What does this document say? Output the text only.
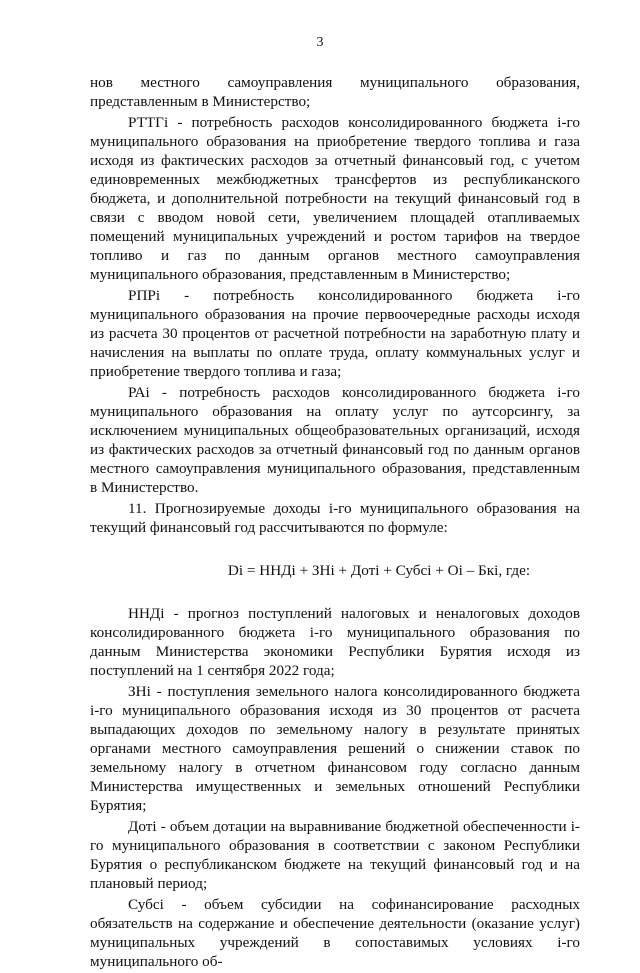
3

нов местного самоуправления муниципального образования, представленным в Министерство;

РТТГi - потребность расходов консолидированного бюджета i-го муниципального образования на приобретение твердого топлива и газа исходя из фактических расходов за отчетный финансовый год, с учетом единовременных межбюджетных трансфертов из республиканского бюджета, и дополнительной потребности на текущий финансовый год в связи с вводом новой сети, увеличением площадей отапливаемых помещений муниципальных учреждений и ростом тарифов на твердое топливо и газ по данным органов местного самоуправления муниципального образования, представленным в Министерство;

РПРi - потребность консолидированного бюджета i-го муниципального образования на прочие первоочередные расходы исходя из расчета 30 процентов от расчетной потребности на заработную плату и начисления на выплаты по оплате труда, оплату коммунальных услуг и приобретение твердого топлива и газа;

РАi - потребность расходов консолидированного бюджета i-го муниципального образования на оплату услуг по аутсорсингу, за исключением муниципальных общеобразовательных организаций, исходя из фактических расходов за отчетный финансовый год по данным органов местного самоуправления муниципального образования, представленным в Министерство.

11. Прогнозируемые доходы i-го муниципального образования на текущий финансовый год рассчитываются по формуле:

Di = ННДi + ЗНi + Дотi + Субсi + Оi – Бкi, где:

ННДi - прогноз поступлений налоговых и неналоговых доходов консолидированного бюджета i-го муниципального образования по данным Министерства экономики Республики Бурятия исходя из поступлений на 1 сентября 2022 года;

ЗНi - поступления земельного налога консолидированного бюджета i-го муниципального образования исходя из 30 процентов от расчета выпадающих доходов по земельному налогу в результате принятых органами местного самоуправления решений о снижении ставок по земельному налогу в отчетном финансовом году согласно данным Министерства имущественных и земельных отношений Республики Бурятия;

Дотi - объем дотации на выравнивание бюджетной обеспеченности i-го муниципального образования в соответствии с законом Республики Бурятия о республиканском бюджете на текущий финансовый год и на плановый период;

Субсi - объем субсидии на софинансирование расходных обязательств на содержание и обеспечение деятельности (оказание услуг) муниципальных учреждений в сопоставимых условиях i-го муниципального об-
